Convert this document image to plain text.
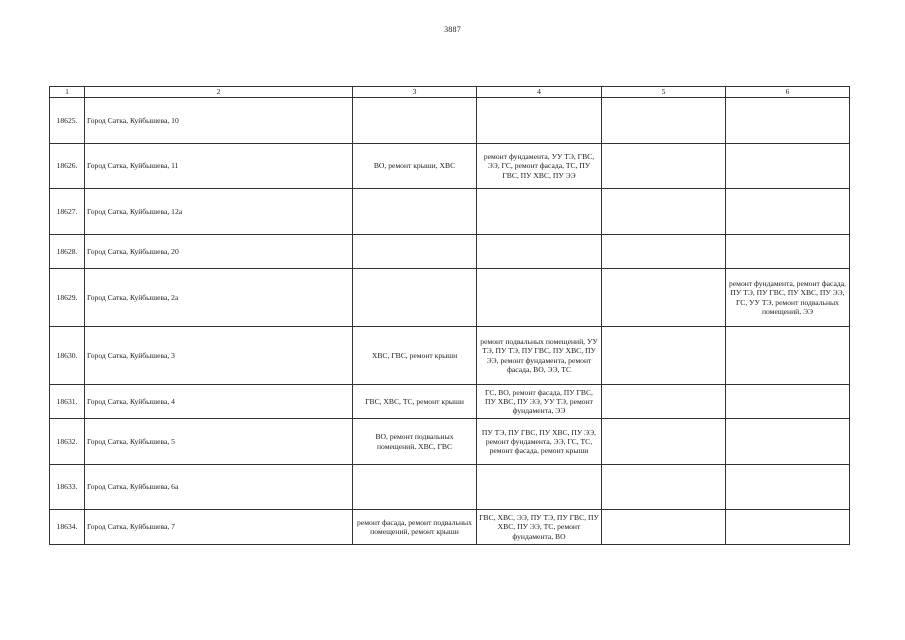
3887
1	2	3	4	5	6
18625.	Город Сатка, Куйбышева, 10				
18626.	Город Сатка, Куйбышева, 11	ВО, ремонт крыши, ХВС	ремонт фундамента, УУ ТЭ, ГВС, ЭЭ, ГС, ремонт фасада, ТС, ПУ ГВС, ПУ ХВС, ПУ ЭЭ		
18627.	Город Сатка, Куйбышева, 12а				
18628.	Город Сатка, Куйбышева, 20				
18629.	Город Сатка, Куйбышева, 2а				ремонт фундамента, ремонт фасада, ПУ ТЭ, ПУ ГВС, ПУ ХВС, ПУ ЭЭ, ГС, УУ ТЭ, ремонт подвальных помещений, ЭЭ
18630.	Город Сатка, Куйбышева, 3	ХВС, ГВС, ремонт крыши	ремонт подвальных помещений, УУ ТЭ, ПУ ТЭ, ПУ ГВС, ПУ ХВС, ПУ ЭЭ, ремонт фундамента, ремонт фасада, ВО, ЭЭ, ТС		
18631.	Город Сатка, Куйбышева, 4	ГВС, ХВС, ТС, ремонт крыши	ГС, ВО, ремонт фасада, ПУ ГВС, ПУ ХВС, ПУ ЭЭ, УУ ТЭ, ремонт фундамента, ЭЭ		
18632.	Город Сатка, Куйбышева, 5	ВО, ремонт подвальных помещений, ХВС, ГВС	ПУ ТЭ, ПУ ГВС, ПУ ХВС, ПУ ЭЭ, ремонт фундамента, ЭЭ, ГС, ТС, ремонт фасада, ремонт крыши		
18633.	Город Сатка, Куйбышева, 6а				
18634.	Город Сатка, Куйбышева, 7	ремонт фасада, ремонт подвальных помещений, ремонт крыши	ГВС, ХВС, ЭЭ, ПУ ТЭ, ПУ ГВС, ПУ ХВС, ПУ ЭЭ, ТС, ремонт фундамента, ВО		
